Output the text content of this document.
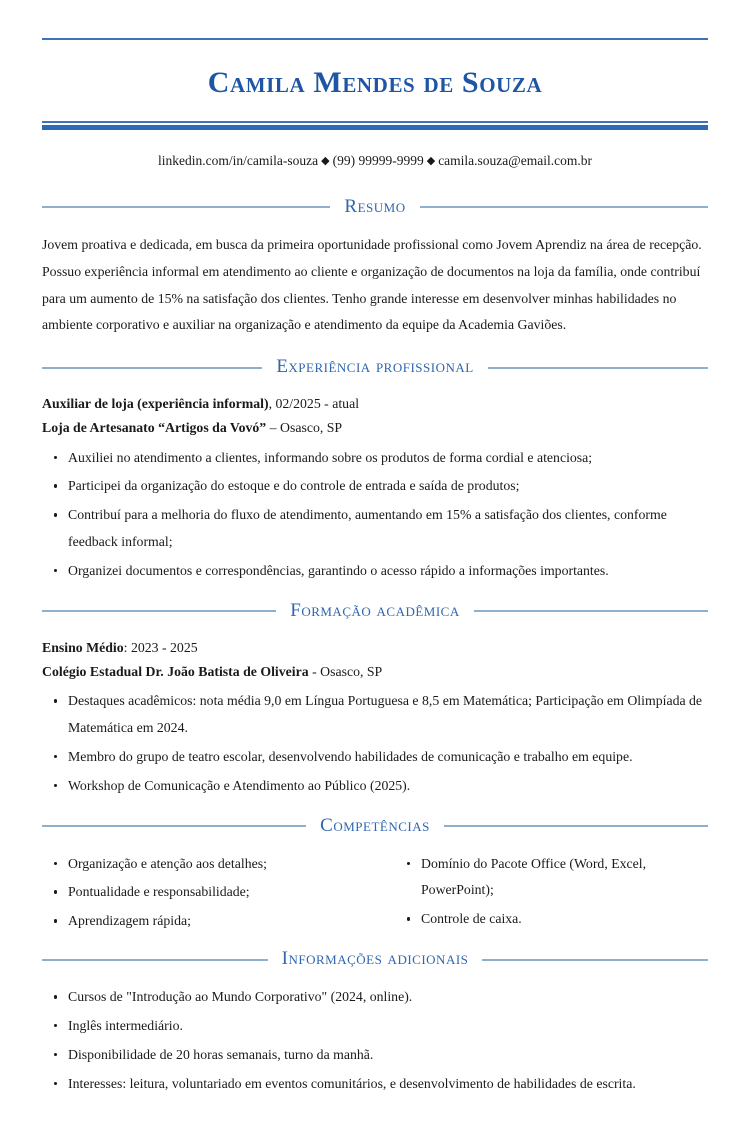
Camila Mendes de Souza
linkedin.com/in/camila-souza ◆ (99) 99999-9999 ◆ camila.souza@email.com.br
Resumo

Jovem proativa e dedicada, em busca da primeira oportunidade profissional como Jovem Aprendiz na área de recepção. Possuo experiência informal em atendimento ao cliente e organização de documentos na loja da família, onde contribuí para um aumento de 15% na satisfação dos clientes. Tenho grande interesse em desenvolver minhas habilidades no ambiente corporativo e auxiliar na organização e atendimento da equipe da Academia Gaviões.

Experiência profissional

Auxiliar de loja (experiência informal), 02/2025 - atual

Loja de Artesanato “Artigos da Vovó” – Osasco, SP

Auxiliei no atendimento a clientes, informando sobre os produtos de forma cordial e atenciosa;
Participei da organização do estoque e do controle de entrada e saída de produtos;
Contribuí para a melhoria do fluxo de atendimento, aumentando em 15% a satisfação dos clientes, conforme feedback informal;
Organizei documentos e correspondências, garantindo o acesso rápido a informações importantes.
Formação acadêmica

Ensino Médio: 2023 - 2025

Colégio Estadual Dr. João Batista de Oliveira - Osasco, SP

Destaques acadêmicos: nota média 9,0 em Língua Portuguesa e 8,5 em Matemática; Participação em Olimpíada de Matemática em 2024.
Membro do grupo de teatro escolar, desenvolvendo habilidades de comunicação e trabalho em equipe.
Workshop de Comunicação e Atendimento ao Público (2025).
Competências
Organização e atenção aos detalhes;
Pontualidade e responsabilidade;
Aprendizagem rápida;
Domínio do Pacote Office (Word, Excel, PowerPoint);
Controle de caixa.
Informações adicionais
Cursos de "Introdução ao Mundo Corporativo" (2024, online).
Inglês intermediário.
Disponibilidade de 20 horas semanais, turno da manhã.
Interesses: leitura, voluntariado em eventos comunitários, e desenvolvimento de habilidades de escrita.
